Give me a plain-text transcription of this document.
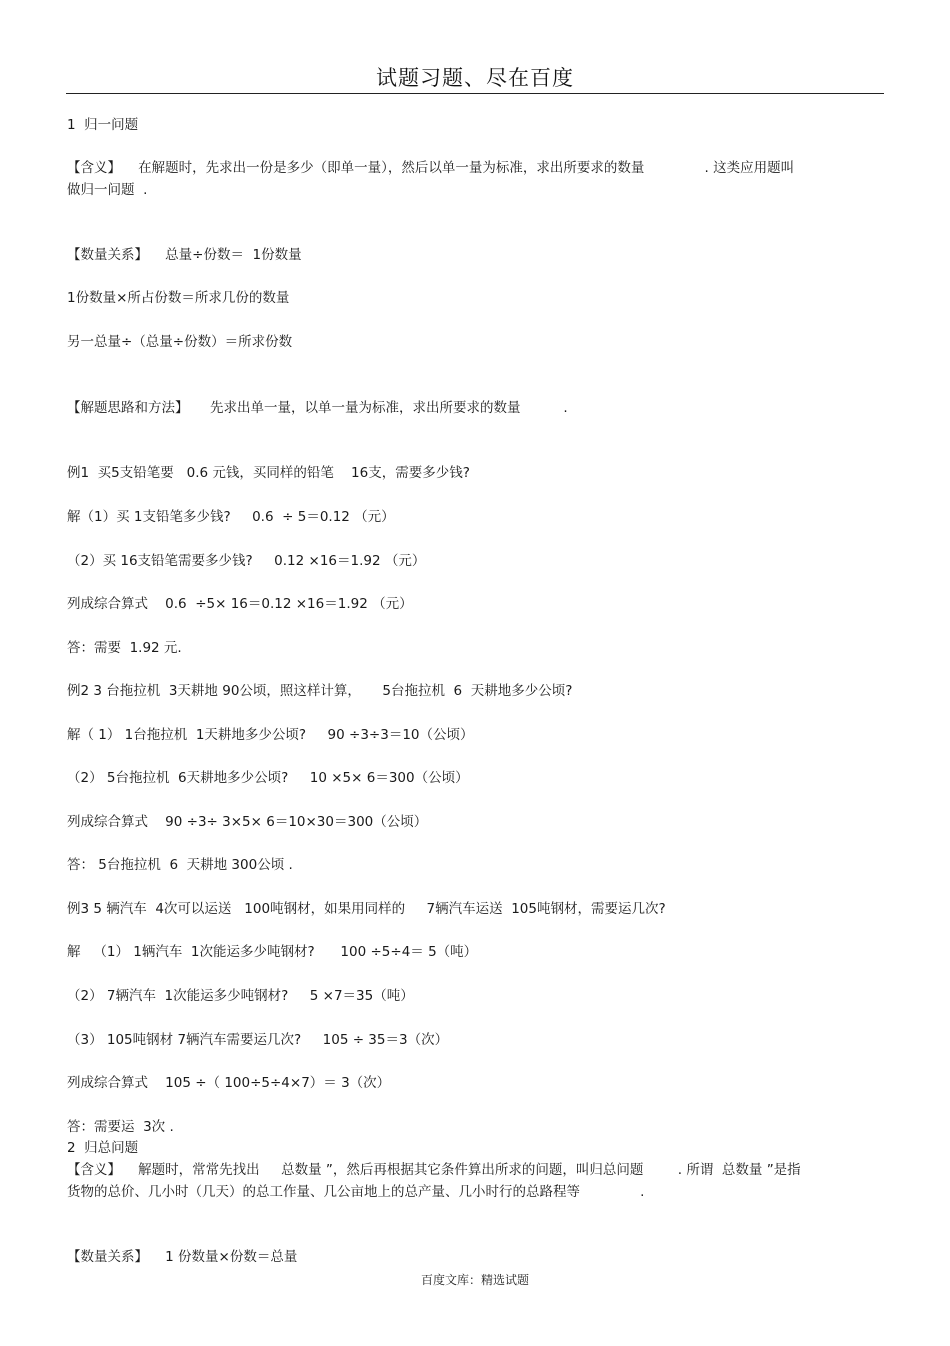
试题习题、尽在百度
1  归一问题
【含义】    在解题时，先求出一份是多少（即单一量），然后以单一量为标准，求出所要求的数量              . 这类应用题叫
做归一问题  .
【数量关系】    总量÷份数＝  1份数量
1份数量×所占份数＝所求几份的数量
另一总量÷（总量÷份数）＝所求份数
【解题思路和方法】     先求出单一量，以单一量为标准，求出所要求的数量          .
例1  买5支铅笔要   0.6 元钱，买同样的铅笔    16支，需要多少钱?
解（1）买 1支铅笔多少钱?     0.6  ÷ 5＝0.12 （元）
（2）买 16支铅笔需要多少钱?     0.12 ×16＝1.92 （元）
列成综合算式    0.6  ÷5× 16＝0.12 ×16＝1.92 （元）
答：需要  1.92 元.
例2 3 台拖拉机  3天耕地 90公顷，照这样计算，     5台拖拉机  6  天耕地多少公顷?
解（ 1） 1台拖拉机  1天耕地多少公顷?     90 ÷3÷3＝10（公顷）
（2） 5台拖拉机  6天耕地多少公顷?     10 ×5× 6＝300（公顷）
列成综合算式    90 ÷3÷ 3×5× 6＝10×30＝300（公顷）
答： 5台拖拉机  6  天耕地 300公顷 .
例3 5 辆汽车  4次可以运送   100吨钢材，如果用同样的     7辆汽车运送  105吨钢材，需要运几次?
解   （1） 1辆汽车  1次能运多少吨钢材?      100 ÷5÷4＝ 5（吨）
（2） 7辆汽车  1次能运多少吨钢材?     5 ×7＝35（吨）
（3） 105吨钢材 7辆汽车需要运几次?     105 ÷ 35＝3（次）
列成综合算式    105 ÷（ 100÷5÷4×7）＝ 3（次）
答：需要运  3次 .
2  归总问题
【含义】    解题时，常常先找出     总数量 ”，然后再根据其它条件算出所求的问题，叫归总问题        . 所谓  总数量 ”是指
货物的总价、几小时（几天）的总工作量、几公亩地上的总产量、几小时行的总路程等              .
【数量关系】    1 份数量×份数＝总量
百度文库：精选试题
